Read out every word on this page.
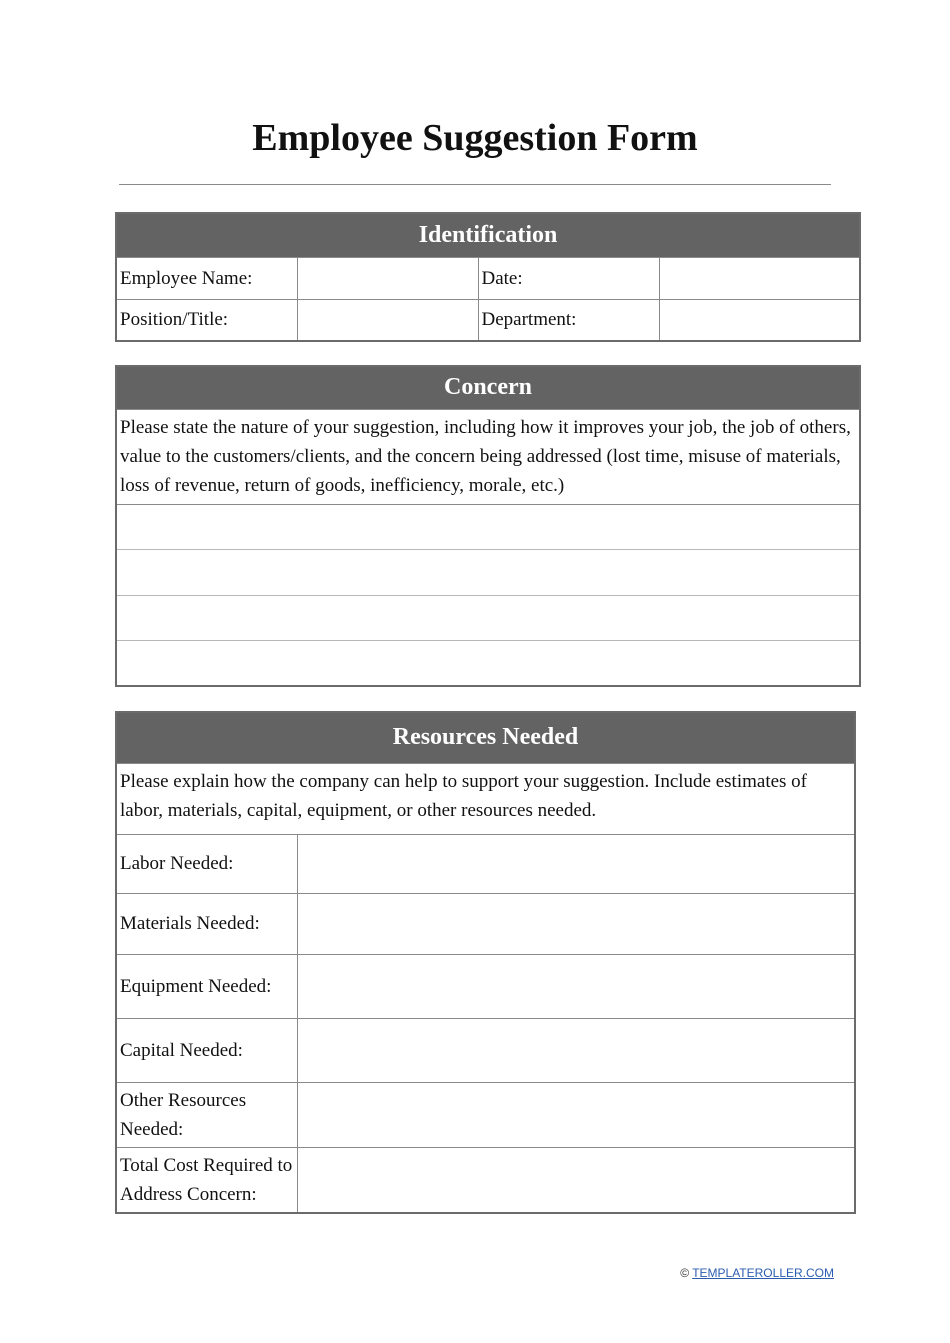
Employee Suggestion Form
Identification			
Employee Name:		Date:	
Position/Title:		Department:	
Concern
Please state the nature of your suggestion, including how it improves your job, the job of others, value to the customers/clients, and the concern being addressed (lost time, misuse of materials, loss of revenue, return of goods, inefficiency, morale, etc.)

Resources Needed	
Please explain how the company can help to support your suggestion. Include estimates of labor, materials, capital, equipment, or other resources needed.	
Labor Needed:	
Materials Needed:	
Equipment Needed:	
Capital Needed:	
Other Resources Needed:	
Total Cost Required to Address Concern:	
© TEMPLATEROLLER.COM
